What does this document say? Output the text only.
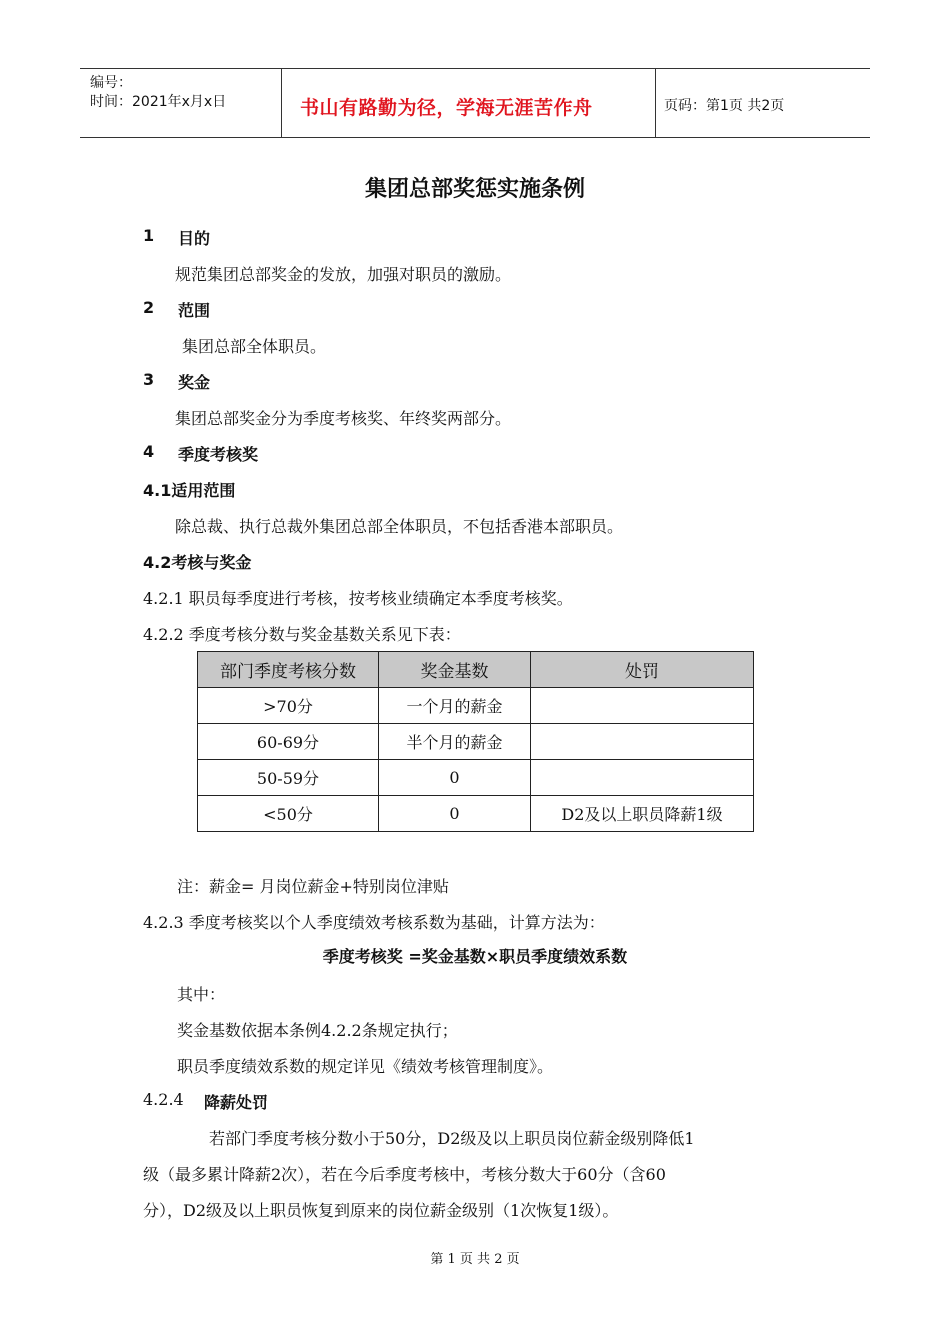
编号：
时间：2021年x月x日	书山有路勤为径，学海无涯苦作舟	页码：第1页 共2页
集团总部奖惩实施条例
1 目的
规范集团总部奖金的发放，加强对职员的激励。
2 范围
集团总部全体职员。
3 奖金
集团总部奖金分为季度考核奖、年终奖两部分。
4 季度考核奖
4.1适用范围
除总裁、执行总裁外集团总部全体职员，不包括香港本部职员。
4.2考核与奖金
4.2.1 职员每季度进行考核，按考核业绩确定本季度考核奖。
4.2.2 季度考核分数与奖金基数关系见下表：
部门季度考核分数	奖金基数	处罚
>70分	一个月的薪金	
60-69分	半个月的薪金	
50-59分	0	
<50分	0	D2及以上职员降薪1级
注：薪金= 月岗位薪金+特别岗位津贴
4.2.3 季度考核奖以个人季度绩效考核系数为基础，计算方法为：
季度考核奖 =奖金基数×职员季度绩效系数
其中：
奖金基数依据本条例4.2.2条规定执行；
职员季度绩效系数的规定详见《绩效考核管理制度》。
4.2.4 降薪处罚
若部门季度考核分数小于50分，D2级及以上职员岗位薪金级别降低1
级（最多累计降薪2次），若在今后季度考核中，考核分数大于60分（含60
分），D2级及以上职员恢复到原来的岗位薪金级别（1次恢复1级）。
第 1 页 共 2 页
